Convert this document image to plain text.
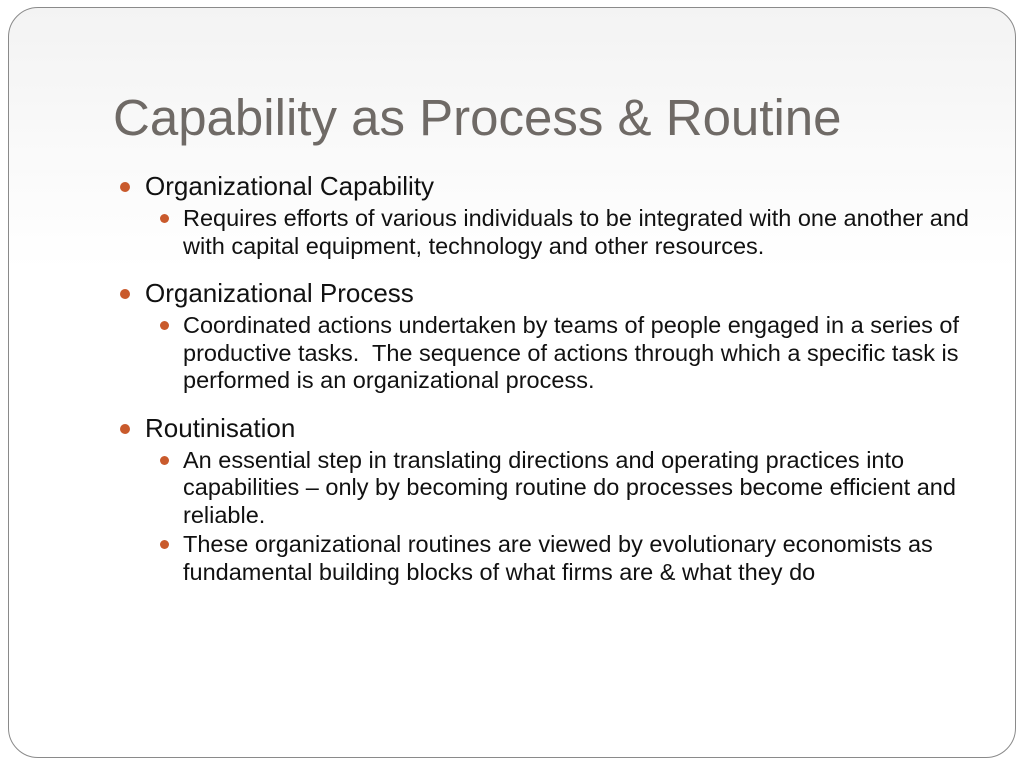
Capability as Process & Routine
Organizational Capability
Requires efforts of various individuals to be integrated with one another and with capital equipment, technology and other resources.
Organizational Process
Coordinated actions undertaken by teams of people engaged in a series of productive tasks.  The sequence of actions through which a specific task is performed is an organizational process.
Routinisation
An essential step in translating directions and operating practices into capabilities – only by becoming routine do processes become efficient and reliable.
These organizational routines are viewed by evolutionary economists as fundamental building blocks of what firms are & what they do
